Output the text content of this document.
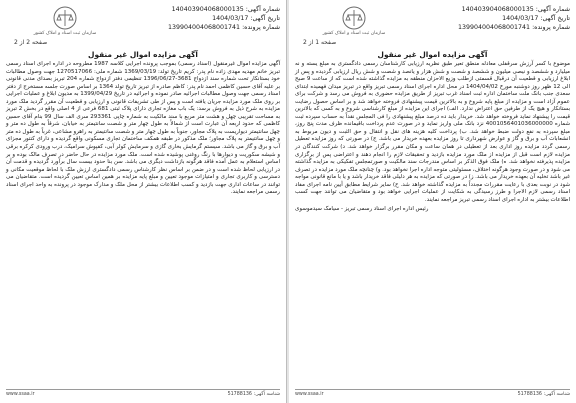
سازمان ثبت اسناد و املاک کشور
شماره آگهی: 140403904068000135
تاریخ آگهی: 1404/03/17
شماره پرونده: 139904004068001741
صفحه 2 از 2
آگهی مزایده اموال غیر منقول

آگهی مزایده اموال غیرمنقول (اسناد رسمی) بموجب پرونده اجرایی کلاسه 1987 مطروحه در اداره اجرای اسناد رسمی تبریز خانم مهدیه مهدی زاده نام پدر: کریم تاریخ تولد: 1369/03/19 شماره ملی: 1270517066 جهت وصول مطالبات خود بستانکار تحت شماره سند ازدواج 3681-1396/06/27 تنظیمی دفتر ازدواج شماره 204 تبریز بصدای مدنی قانونی بر علیه آقای حسین کاظمی احمد نام پدر: کاظم صادره از تبریز تاریخ تولد 1364 بر اساس صورت جلسه مستخرج از دفتر اسناد رسمی جهت وصول مطالبات اجرائیه صادر نموده و اجرائیه در تاریخ 1399/04/29 به مدیون ابلاغ و عملیات اجرایی بر روی ملک مورد مزایده جریان یافته است و پس از طی تشریفات قانونی و ارزیابی و قطعیت آن مقرر گردید ملک مورد مزایده به شرح ذیل به فروش برسد: یک باب مغازه تجاری دارای پلاک ثبتی 681 فرعی از 4 اصلی واقع در بخش 2 تبریز به مساحت تقریبی چهل و هشت متر مربع با سند مالکیت به شماره چاپی 293361 سری الف سال 99 بنام آقای حسین کاظمی که حدود اربعه آن عبارت است از شمالاً به طول چهار متر و شصت سانتیمتر به خیابان، شرقاً به طول ده متر و چهل سانتیمتر دیواریست به پلاک مجاور، جنوباً به طول چهار متر و شصت سانتیمتر به راهرو مشاعی، غرباً به طول ده متر و چهل سانتیمتر به پلاک مجاور؛ ملک مذکور در طبقه همکف ساختمان تجاری مسکونی واقع گردیده و دارای کنتور مجزای آب و برق و گاز می باشد. سیستم گرمایش بخاری گازی و سرمایش کولر آبی، کفپوش سرامیک، درب ورودی کرکره برقی و شیشه سکوریت و دیوارها با رنگ روغنی پوشیده شده است. ملک مورد مزایده در حال حاضر در تصرف مالک بوده و بر اساس استعلام به عمل آمده فاقد هرگونه بازداشت دیگری می باشد. سن بنا حدود بیست سال برآورد گردیده و قدمت آن در ارزیابی لحاظ شده است و در ضمن بر اساس نظر کارشناس رسمی دادگستری ارزش ملک با لحاظ موقعیت مکانی و دسترسی و کاربری تجاری و امتیازات موجود تعیین و مبلغ پایه مزایده بر همین اساس تعیین گردیده است. متقاضیان می توانند در ساعات اداری جهت بازدید و کسب اطلاعات بیشتر از محل ملک و مدارک موجود در پرونده به واحد اجرای اسناد رسمی مراجعه نمایند.

شناسه آگهی: 51788136
www.ssaa.ir
سازمان ثبت اسناد و املاک کشور
شماره آگهی: 140403904068000135
تاریخ آگهی: 1404/03/17
شماره پرونده: 139904004068001741
صفحه 1 از 2
آگهی مزایده اموال غیر منقول

موضوع با کسر آرزش سرقفلی معادله منطق تعیر طبق نظریه ارزیابی کارشناسان رسمی دادگستری به مبلغ یسته و نه میلیارد و ششصد و نیصی میلیون و ششصد و شصت و شش هزار و یانصد و شصت و شش ریال ارزیابی گردیده و پس از ابلاغ ارزیابی و قطعیت آن درقبال قسمتی ازطلب وزیع الاحزان منطقه به مزایده گذاشته شده است که از ساعت 9 صبح الی 12 ظهر روز دوشنبه مورخ 1404/04/02 در محل اداره اجرای اسناد رسمی تبریز واقع در تبریز میدان فهمیده ابتدای سعدی جنب بانک ملت ساختمان اداره ثبت اسناد غرب تبریز از طریق مزایده حضوری به فروش می رسد و شرکت برای عموم آزاد است و مزایده از مبلغ پایه شروع و به بالاترین قیمت پیشنهادی فروخته خواهد شد و بر اساس حصول رضایت بستانکار و هیچ یک از طرفین حق اعتراض ندارد. الف) اجرای این مزایده از مبلغ کارشناسی شروع و به کسی که بالاترین قیمت را پیشنهاد نماید فروخته خواهد شد. خریدار باید ده درصد مبلغ پیشنهادی را فی المجلس نقداً به حساب سپرده ثبت شماره 4001056401036000000 نزد بانک ملی واریز نماید و در صورت عدم پرداخت باقیمانده ظرف مدت پنج روز، مبلغ سپرده به نفع دولت ضبط خواهد شد. ب) پرداخت کلیه هزینه های نقل و انتقال و حق الثبت و دیون مربوط به انشعابات آب و برق و گاز و عوارض شهرداری تا روز مزایده بعهده خریدار می باشد. ج) در صورتی که روز مزایده تعطیل رسمی گردد مزایده روز اداری بعد از تعطیلی در همان ساعت و مکان مقرر برگزار خواهد شد. د) شرکت کنندگان در مزایده لازم است قبل از مزایده از ملک مورد مزایده بازدید و تحقیقات لازم را انجام دهند و اعتراضی پس از برگزاری مزایده پذیرفته نخواهد شد. ه) ملک فوق الذکر بر اساس مندرجات سند مالکیت و صورتمجلس تفکیکی به مزایده گذاشته می شود و در صورت وجود هرگونه اختلاف، مسئولیتی متوجه اداره اجرا نخواهد بود. و) چنانچه ملک مورد مزایده در تصرف غیر باشد تخلیه آن بعهده خریدار می باشد. ز) در صورتی که مزایده به هر دلیلی فاقد خریدار باشد و یا با مانع قانونی مواجه شود در نوبت بعدی با رعایت مقررات مجدداً به مزایده گذاشته خواهد شد. ح) سایر شرایط مطابق آیین نامه اجرای مفاد اسناد رسمی لازم الاجرا و طرز رسیدگی به شکایت از عملیات اجرایی خواهد بود و متقاضیان می توانند جهت کسب اطلاعات بیشتر به اداره اجرای اسناد رسمی تبریز مراجعه نمایند.

رئیس اداره اجرای اسناد رسمی تبریز - سیامک سیدموسوی

شناسه آگهی: 51788136
www.ssaa.ir
